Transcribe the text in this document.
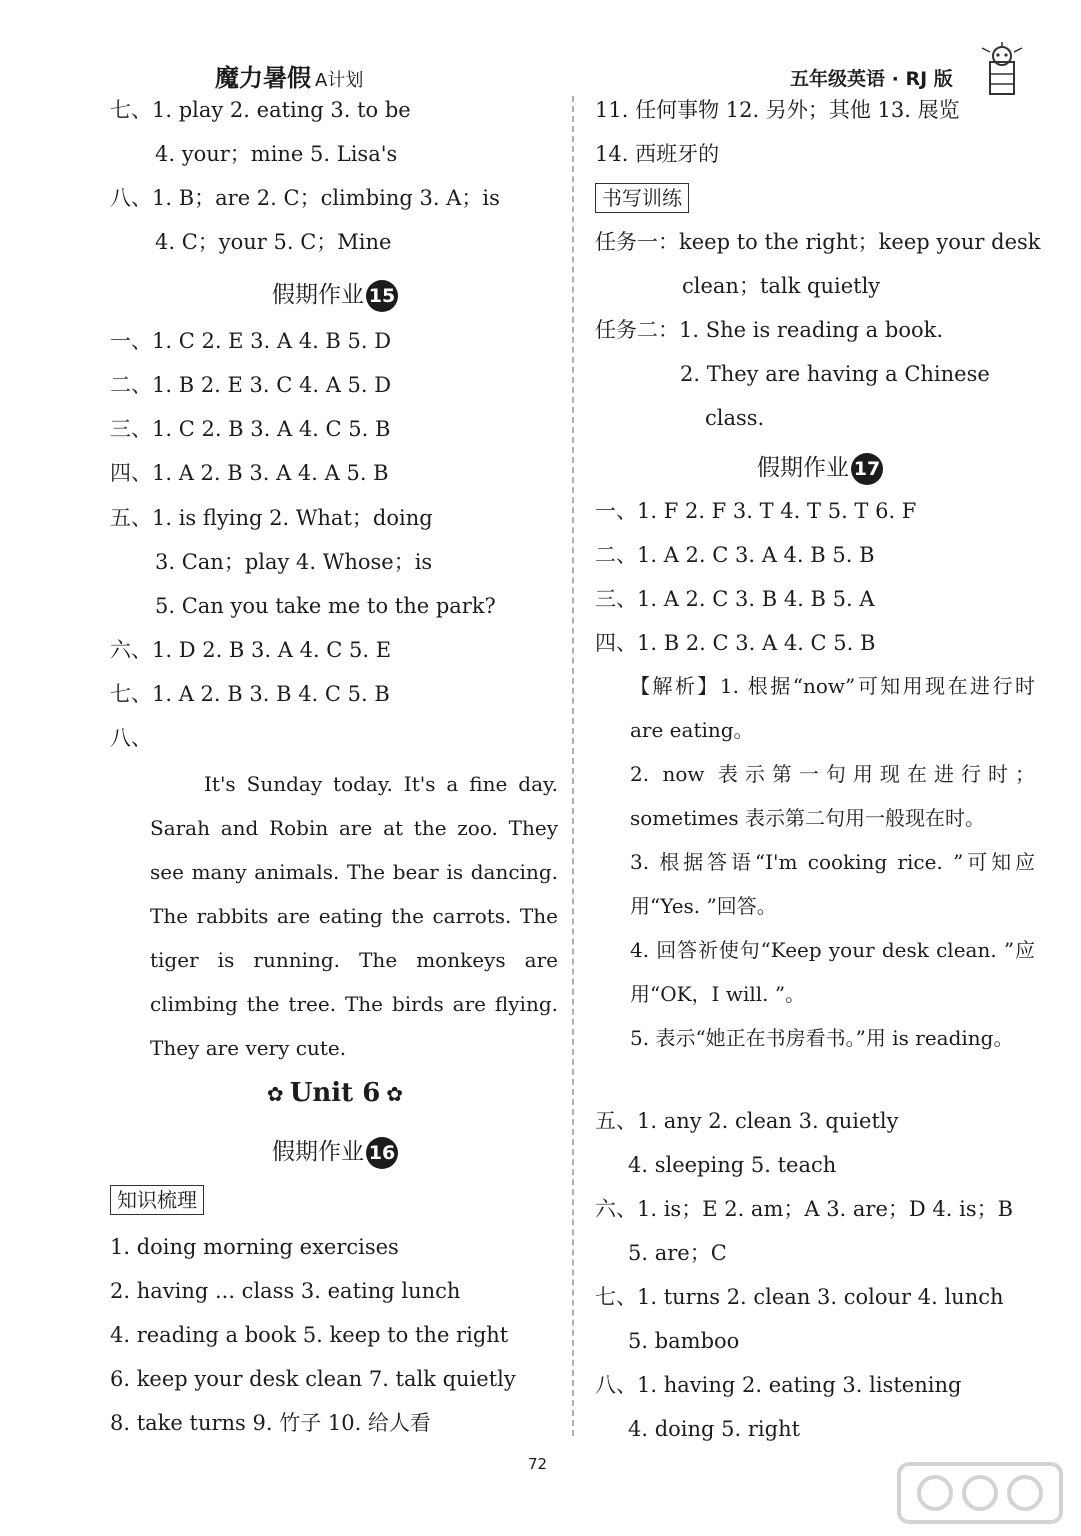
魔力暑假 A计划	五年级英语 · RJ 版
七、1. play 2. eating 3. to be
4. your；mine 5. Lisa's
八、1. B；are 2. C；climbing 3. A；is
4. C；your 5. C；Mine
假期作业 15
一、1. C 2. E 3. A 4. B 5. D
二、1. B 2. E 3. C 4. A 5. D
三、1. C 2. B 3. A 4. C 5. B
四、1. A 2. B 3. A 4. A 5. B
五、1. is flying 2. What；doing
3. Can；play 4. Whose；is
5. Can you take me to the park?
六、1. D 2. B 3. A 4. C 5. E
七、1. A 2. B 3. B 4. C 5. B
八、

It's Sunday today. It's a fine day. Sarah and Robin are at the zoo. They see many animals. The bear is dancing. The rabbits are eating the carrots. The tiger is running. The monkeys are climbing the tree. The birds are flying. They are very cute.

✿ Unit 6 ✿
假期作业 16
知识梳理
1. doing morning exercises
2. having ... class 3. eating lunch
4. reading a book 5. keep to the right
6. keep your desk clean 7. talk quietly
8. take turns 9. 竹子 10. 给人看
11. 任何事物 12. 另外；其他 13. 展览
14. 西班牙的
书写训练
任务一：keep to the right；keep your desk
clean；talk quietly
任务二：1. She is reading a book.
2. They are having a Chinese
class.
假期作业 17
一、1. F 2. F 3. T 4. T 5. T 6. F
二、1. A 2. C 3. A 4. B 5. B
三、1. A 2. C 3. B 4. B 5. A
四、1. B 2. C 3. A 4. C 5. B

【解析】1. 根据“now”可知用现在进行时 are eating。

2. now 表示第一句用现在进行时；sometimes 表示第二句用一般现在时。

3. 根据答语“I'm cooking rice. ”可知应用“Yes. ”回答。

4. 回答祈使句“Keep your desk clean. ”应用“OK，I will. ”。

5. 表示“她正在书房看书。”用 is reading。

五、1. any 2. clean 3. quietly
4. sleeping 5. teach
六、1. is；E 2. am；A 3. are；D 4. is；B
5. are；C
七、1. turns 2. clean 3. colour 4. lunch
5. bamboo
八、1. having 2. eating 3. listening
4. doing 5. right
72
